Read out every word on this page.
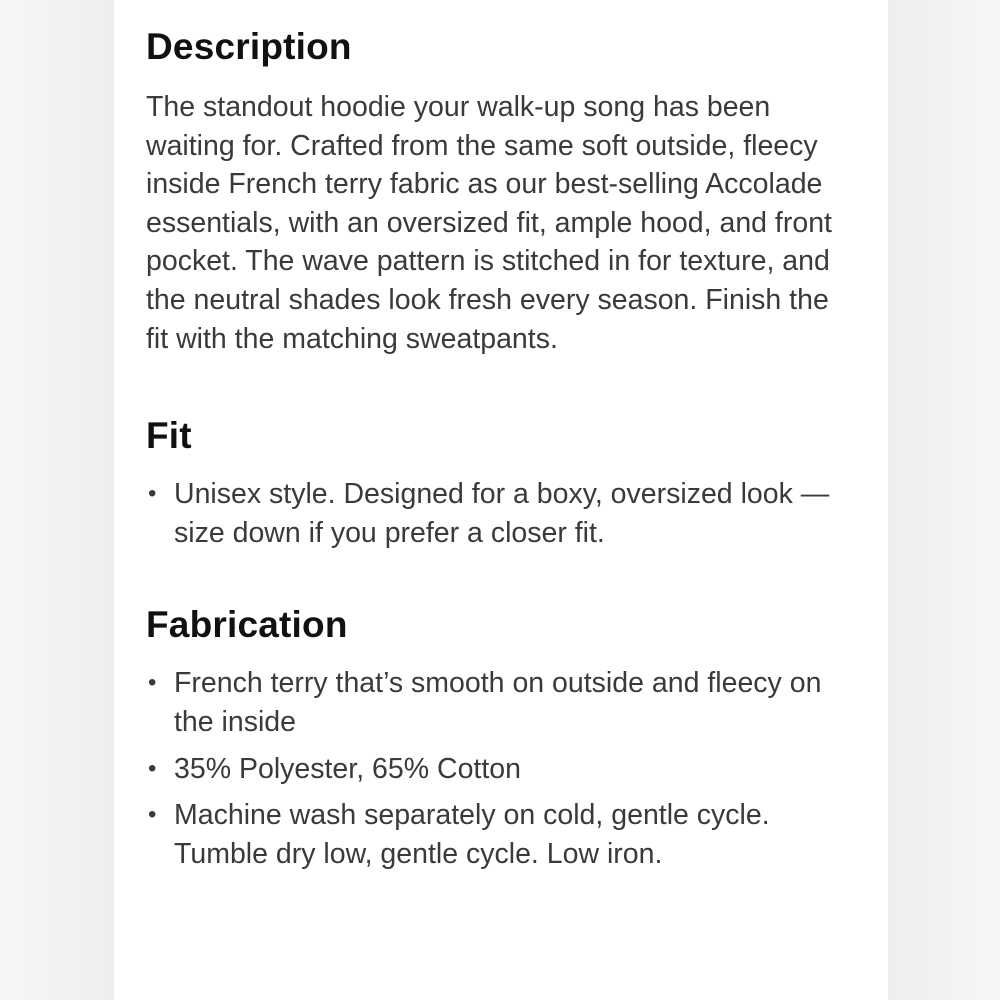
Description

The standout hoodie your walk-up song has been waiting for. Crafted from the same soft outside, fleecy inside French terry fabric as our best-selling Accolade essentials, with an oversized fit, ample hood, and front pocket. The wave pattern is stitched in for texture, and the neutral shades look fresh every season. Finish the fit with the matching sweatpants.

Fit
• Unisex style. Designed for a boxy, oversized look —size down if you prefer a closer fit.
Fabrication
• French terry that’s smooth on outside and fleecy on the inside
• 35% Polyester, 65% Cotton
• Machine wash separately on cold, gentle cycle. Tumble dry low, gentle cycle. Low iron.
